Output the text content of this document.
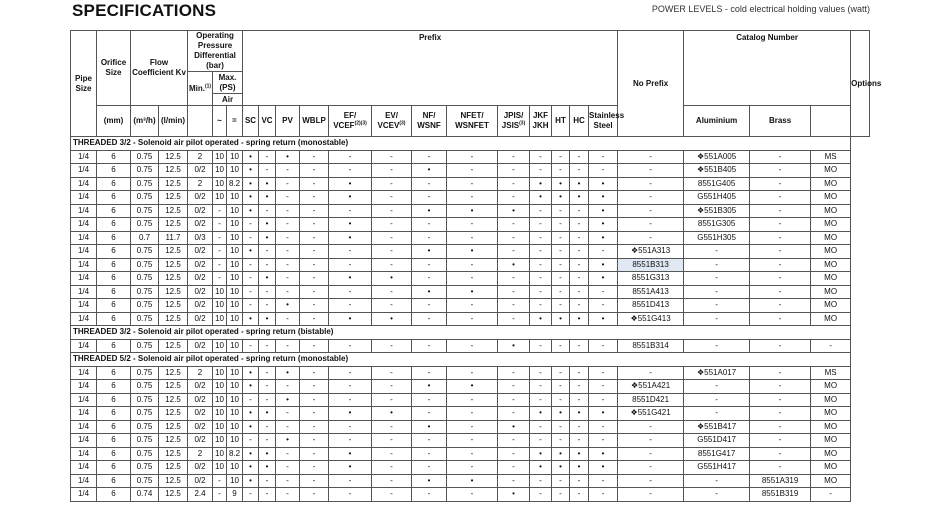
SPECIFICATIONS	POWER LEVELS - cold electrical holding values (watt)
Pipe Size	Orifice Size	Flow Coefficient Kv		Operating Pressure Differential (bar)			Prefix													No Prefix	Catalog Number			Options
				Min.$^{(1)}$	Max. (PS)																			
					Air																			
	(mm)	(m³/h)	(l/min)		~	=	SC	VC	PV	WBLP	EF/ $VCEF^{(2)(3)}$	EV/ VCEV$^{(3)}$	NF/ WSNF	NFET/ WSNFET	JPIS/ JSIS$^{(3)}$	JKF JKH	HT	HC	Stainless Steel		Aluminium	Brass		
THREADED 3/2 - Solenoid air pilot operated - spring return (monostable)																								
1/4	6	0.75	12.5	2	10	10	•	-	•	-	-	-	-	-	-	-	-	-	-	-	❖551A005	-	MS	
1/4	6	0.75	12.5	0/2	10	10	•	-	-	-	-	-	•	-	-	-	-	-	-	-	❖551B405	-	MO	
1/4	6	0.75	12.5	2	10	8.2	•	•	-	-	•	-	-	-	-	•	•	•	•	-	8551G405	-	MO	
1/4	6	0.75	12.5	0/2	10	10	•	•	-	-	•	-	-	-	-	•	•	•	•	-	G551H405	-	MO	
1/4	6	0.75	12.5	0/2	-	10	•	-	-	-	-	-	•	•	•	-	-	-	•	-	❖551B305	-	MO	
1/4	6	0.75	12.5	0/2	-	10	-	•	-	-	•	-	-	-	-	-	-	-	•	-	8551G305	-	MO	
1/4	6	0.7	11.7	0/3	-	10	-	•	-	-	•	-	-	-	-	-	-	-	•	-	G551H305	-	MO	
1/4	6	0.75	12.5	0/2	-	10	•	-	-	-	-	-	•	•	-	-	-	-	-	❖551A313	-	-	MO	
1/4	6	0.75	12.5	0/2	-	10	-	-	-	-	-	-	-	-	•	-	-	-	•	8551B313	-	-	MO	
1/4	6	0.75	12.5	0/2	-	10	-	•	-	-	•	•	-	-	-	-	-	-	•	8551G313	-	-	MO	
1/4	6	0.75	12.5	0/2	10	10	-	-	-	-	-	-	•	•	-	-	-	-	-	8551A413	-	-	MO	
1/4	6	0.75	12.5	0/2	10	10	-	-	•	-	-	-	-	-	-	-	-	-	-	8551D413	-	-	MO	
1/4	6	0.75	12.5	0/2	10	10	•	•	-	-	•	•	-	-	-	•	•	•	•	❖551G413	-	-	MO	
THREADED 3/2 - Solenoid air pilot operated - spring return (bistable)																								
1/4	6	0.75	12.5	0/2	10	10	-	-	-	-	-	-	-	-	•	-	-	-	-	8551B314	-	-	-	
THREADED 5/2 - Solenoid air pilot operated - spring return (monostable)																								
1/4	6	0.75	12.5	2	10	10	•	-	•	-	-	-	-	-	-	-	-	-	-	-	❖551A017	-	MS	
1/4	6	0.75	12.5	0/2	10	10	•	-	-	-	-	-	•	•	-	-	-	-	-	❖551A421	-	-	MO	
1/4	6	0.75	12.5	0/2	10	10	-	-	•	-	-	-	-	-	-	-	-	-	-	8551D421	-	-	MO	
1/4	6	0.75	12.5	0/2	10	10	•	•	-	-	•	•	-	-	-	•	•	•	•	❖551G421	-	-	MO	
1/4	6	0.75	12.5	0/2	10	10	•	-	-	-	-	-	•	-	•	-	-	-	-	-	❖551B417	-	MO	
1/4	6	0.75	12.5	0/2	10	10	-	-	•	-	-	-	-	-	-	-	-	-	-	-	G551D417	-	MO	
1/4	6	0.75	12.5	2	10	8.2	•	•	-	-	•	-	-	-	-	•	•	•	•	-	8551G417	-	MO	
1/4	6	0.75	12.5	0/2	10	10	•	•	-	-	•	-	-	-	-	•	•	•	•	-	G551H417	-	MO	
1/4	6	0.75	12.5	0/2	-	10	•	-	-	-	-	-	•	•	-	-	-	-	-	-	-	8551A319	MO	
1/4	6	0.74	12.5	2.4	-	9	-	-	-	-	-	-	-	-	•	-	-	-	-	-	-	8551B319	-	
